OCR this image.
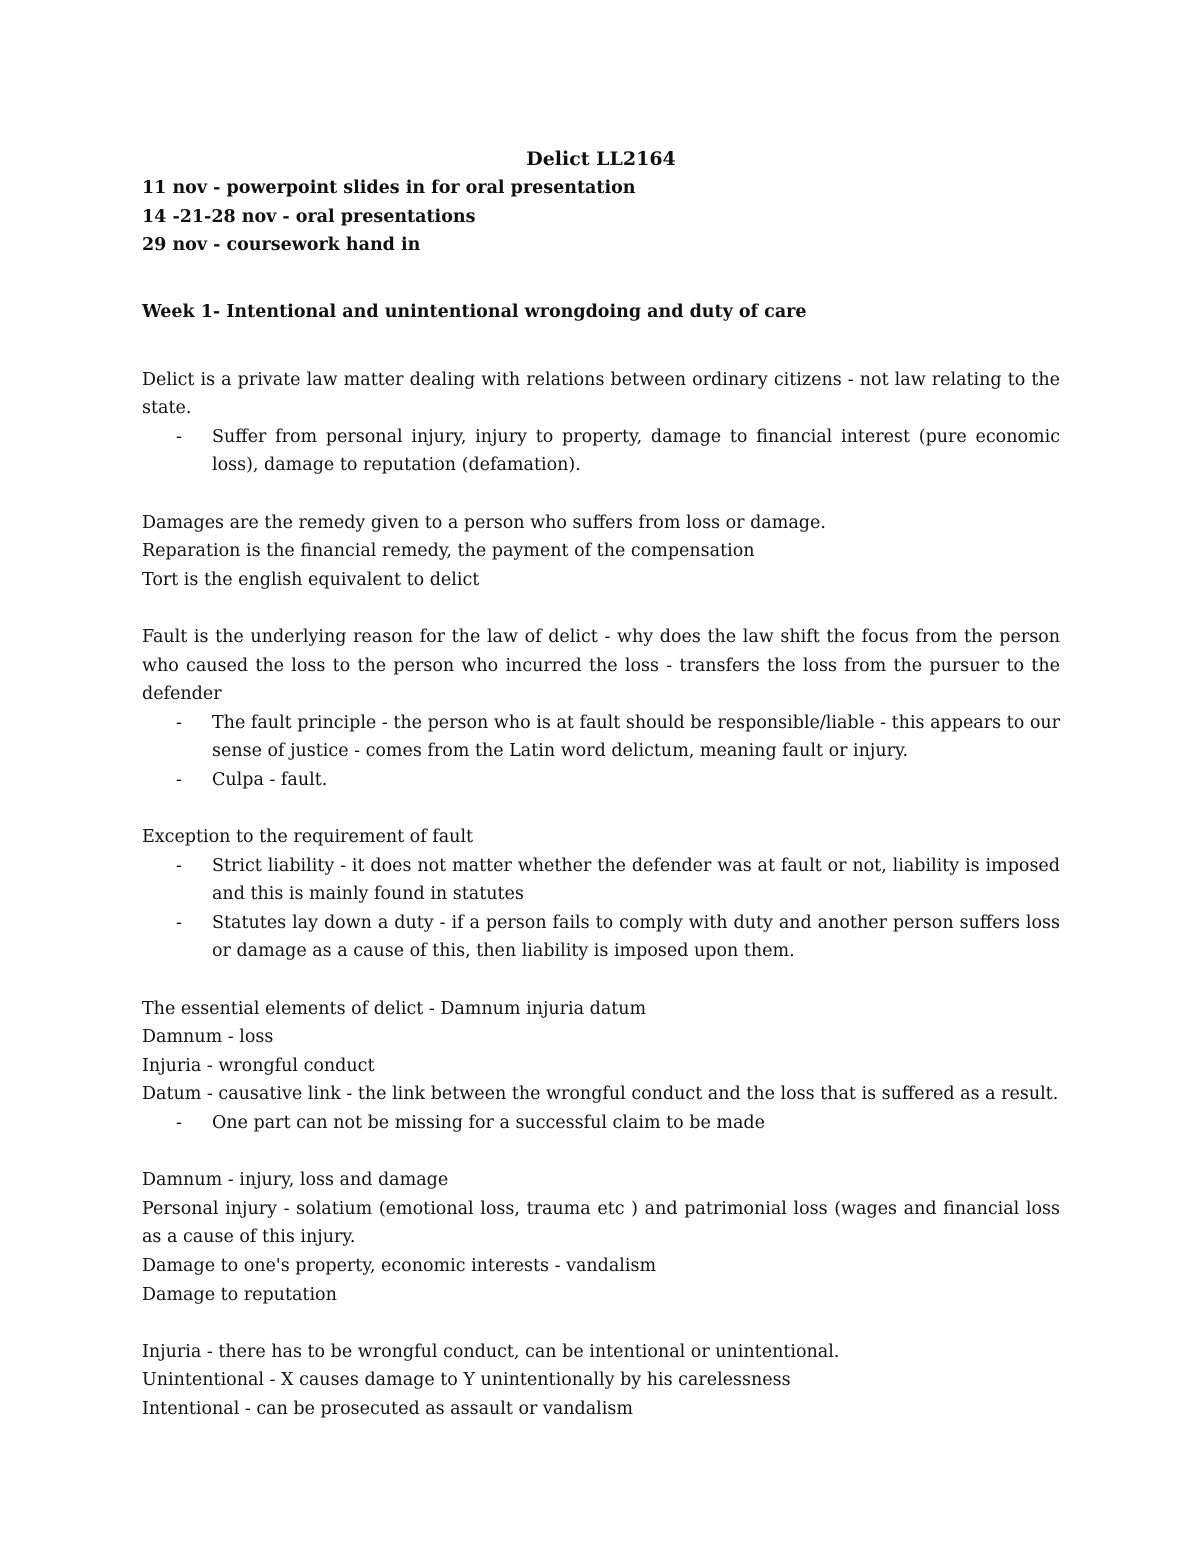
Delict LL2164

11 nov - powerpoint slides in for oral presentation

14 -21-28 nov - oral presentations

29 nov - coursework hand in

Week 1- Intentional and unintentional wrongdoing and duty of care

Delict is a private law matter dealing with relations between ordinary citizens - not law relating to the state.

- Suffer from personal injury, injury to property, damage to financial interest (pure economic loss), damage to reputation (defamation).

Damages are the remedy given to a person who suffers from loss or damage.

Reparation is the financial remedy, the payment of the compensation

Tort is the english equivalent to delict

Fault is the underlying reason for the law of delict - why does the law shift the focus from the person who caused the loss to the person who incurred the loss - transfers the loss from the pursuer to the defender

- The fault principle - the person who is at fault should be responsible/liable - this appears to our sense of justice - comes from the Latin word delictum, meaning fault or injury.
- Culpa - fault.

Exception to the requirement of fault

- Strict liability - it does not matter whether the defender was at fault or not, liability is imposed and this is mainly found in statutes
- Statutes lay down a duty - if a person fails to comply with duty and another person suffers loss or damage as a cause of this, then liability is imposed upon them.

The essential elements of delict - Damnum injuria datum

Damnum - loss

Injuria - wrongful conduct

Datum - causative link - the link between the wrongful conduct and the loss that is suffered as a result.

- One part can not be missing for a successful claim to be made

Damnum - injury, loss and damage

Personal injury - solatium (emotional loss, trauma etc ) and patrimonial loss (wages and financial loss as a cause of this injury.

Damage to one's property, economic interests - vandalism

Damage to reputation

Injuria - there has to be wrongful conduct, can be intentional or unintentional.

Unintentional - X causes damage to Y unintentionally by his carelessness

Intentional - can be prosecuted as assault or vandalism
